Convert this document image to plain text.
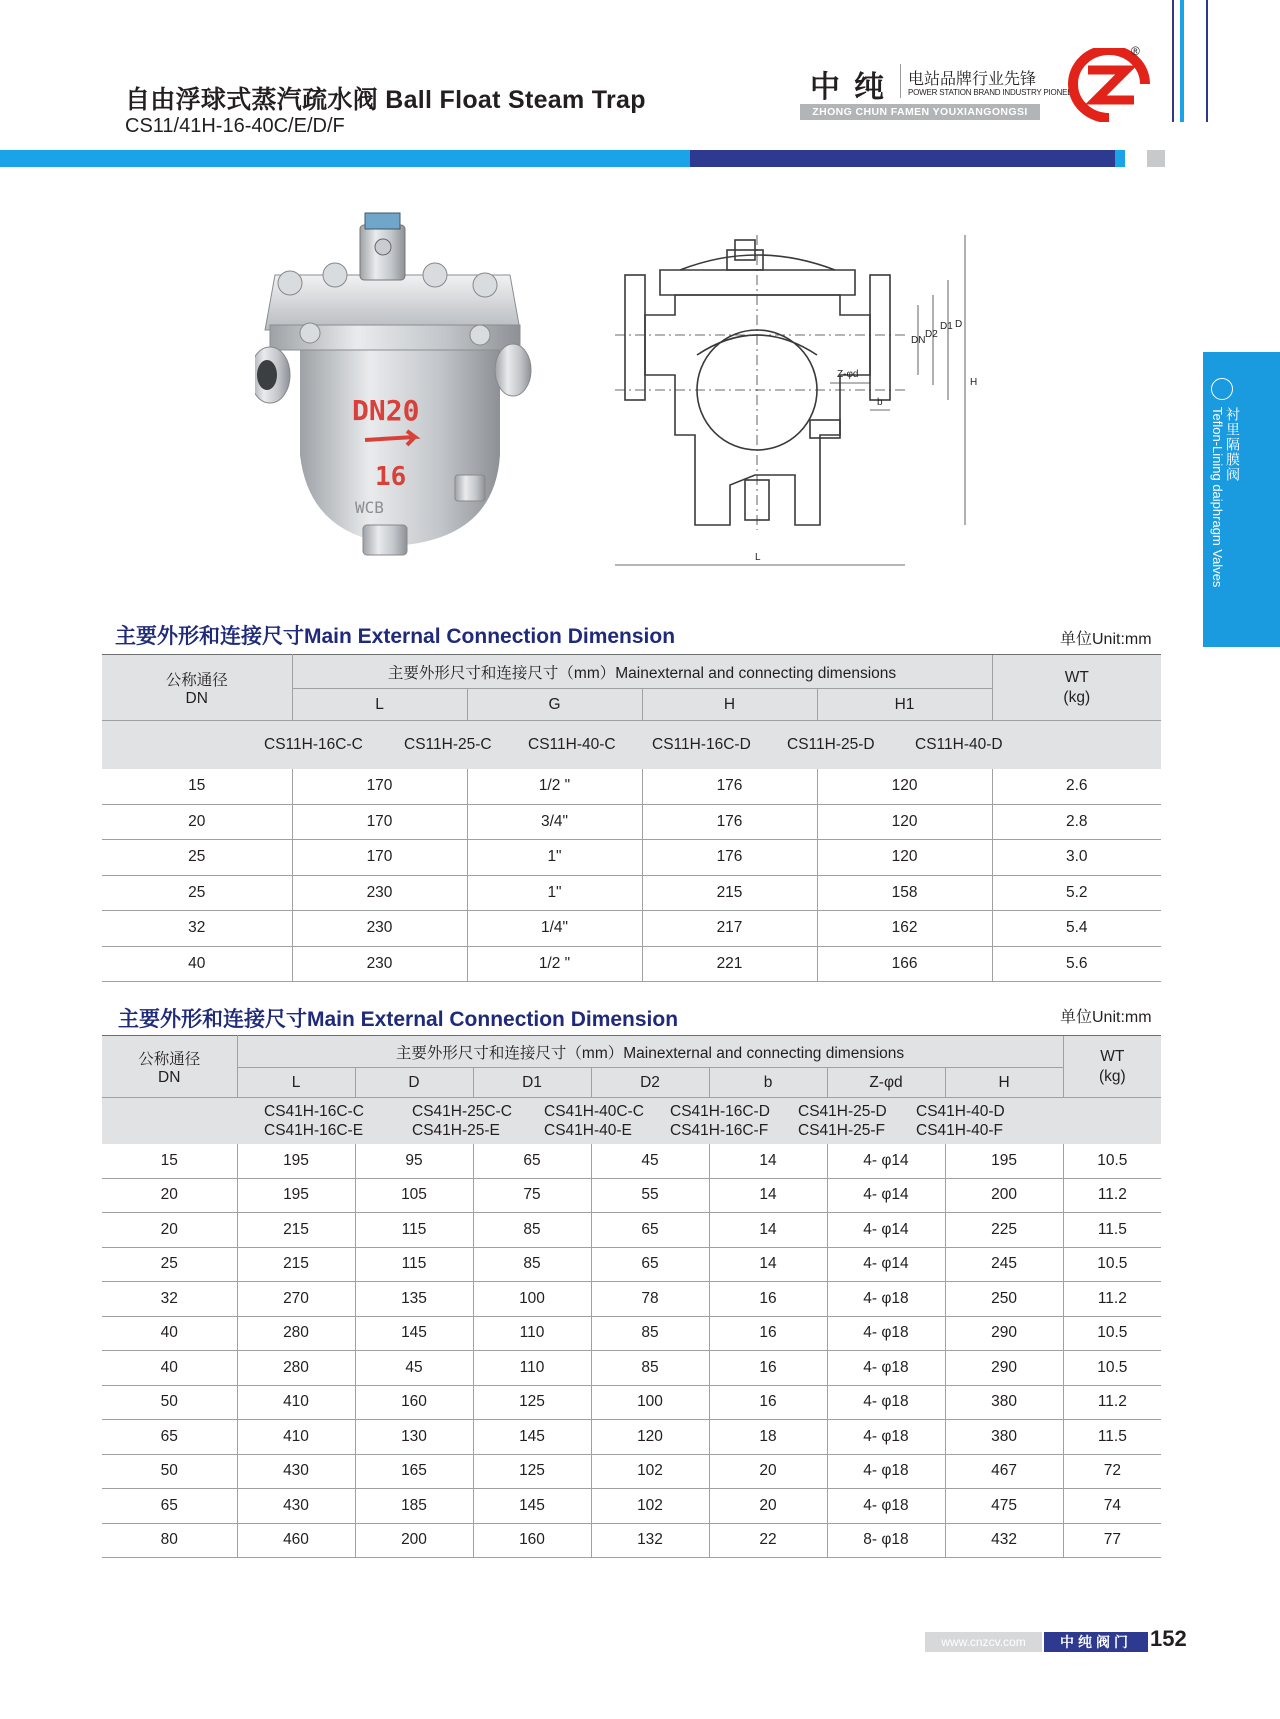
自由浮球式蒸汽疏水阀 Ball Float Steam Trap
CS11/41H-16-40C/E/D/F
中纯 电站品牌行业先锋
POWER STATION BRAND INDUSTRY PIONEER
ZHONG CHUN FAMEN YOUXIANGONGSI
®
衬里隔膜阀
Teflon-Lining daiphragm Valves
DN20
16
WCB
DN
D2
D1 D
H
Z-φd
b
L
主要外形和连接尺寸Main External Connection Dimension	单位Unit:mm
公称通径
DN	主要外形尺寸和连接尺寸（mm）Mainexternal and connecting dimensions				WT
(kg)
	L	G	H	H1	
CS11H-16C-C CS11H-25-C CS11H-40-C CS11H-16C-D CS11H-25-D CS11H-40-D					
15	170	1/2 "	176	120	2.6
20	170	3/4"	176	120	2.8
25	170	1"	176	120	3.0
25	230	1"	215	158	5.2
32	230	1/4"	217	162	5.4
40	230	1/2 "	221	166	5.6
主要外形和连接尺寸Main External Connection Dimension	单位Unit:mm
公称通径
DN	主要外形尺寸和连接尺寸（mm）Mainexternal and connecting dimensions							WT
(kg)
	L	D	D1	D2	b	Z-φd	H	

CS41H-16C-C CS41H-25C-C CS41H-40C-C CS41H-16C-D CS41H-25-D CS41H-40-D
CS41H-16C-E CS41H-25-E CS41H-40-E CS41H-16C-F CS41H-25-F CS41H-40-F								

15	195	95	65	45	14	4- φ14	195	10.5
20	195	105	75	55	14	4- φ14	200	11.2
20	215	115	85	65	14	4- φ14	225	11.5
25	215	115	85	65	14	4- φ14	245	10.5
32	270	135	100	78	16	4- φ18	250	11.2
40	280	145	110	85	16	4- φ18	290	10.5
40	280	45	110	85	16	4- φ18	290	10.5
50	410	160	125	100	16	4- φ18	380	11.2
65	410	130	145	120	18	4- φ18	380	11.5
50	430	165	125	102	20	4- φ18	467	72
65	430	185	145	102	20	4- φ18	475	74
80	460	200	160	132	22	8- φ18	432	77
www.cnzcv.com	中纯阀门 152
